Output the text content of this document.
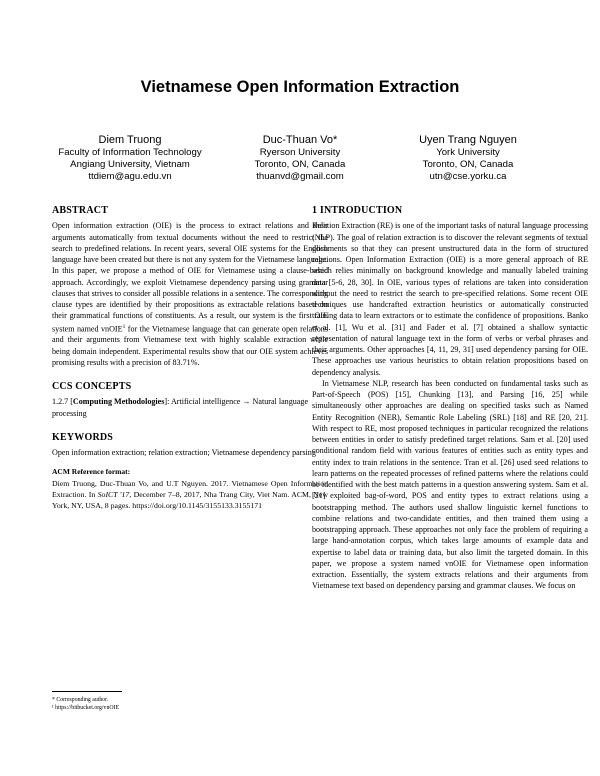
Vietnamese Open Information Extraction
Diem Truong
Faculty of Information Technology
Angiang University, Vietnam
ttdiem@agu.edu.vn
Duc-Thuan Vo*
Ryerson University
Toronto, ON, Canada
thuanvd@gmail.com
Uyen Trang Nguyen
York University
Toronto, ON, Canada
utn@cse.yorku.ca
ABSTRACT

Open information extraction (OIE) is the process to extract relations and their arguments automatically from textual documents without the need to restrict the search to predefined relations. In recent years, several OIE systems for the English language have been created but there is not any system for the Vietnamese language. In this paper, we propose a method of OIE for Vietnamese using a clause-based approach. Accordingly, we exploit Vietnamese dependency parsing using grammar clauses that strives to consider all possible relations in a sentence. The corresponding clause types are identified by their propositions as extractable relations based on their grammatical functions of constituents. As a result, our system is the first OIE system named vnOIE$^1$ for the Vietnamese language that can generate open relations and their arguments from Vietnamese text with highly scalable extraction while being domain independent. Experimental results show that our OIE system achieves promising results with a precision of 83.71%.

CCS CONCEPTS

1.2.7 [Computing Methodologies]: Artificial intelligence → Natural language processing

KEYWORDS

Open information extraction; relation extraction; Vietnamese dependency parsing

ACM Reference format:

Diem Truong, Duc-Thuan Vo, and U.T Nguyen. 2017. Vietnamese Open Information Extraction. In SoICT '17, December 7–8, 2017, Nha Trang City, Viet Nam. ACM, New York, NY, USA, 8 pages. https://doi.org/10.1145/3155133.3155171

* Corresponding author.
¹ https://bitbucket.org/vnOIE
1 INTRODUCTION

Relation Extraction (RE) is one of the important tasks of natural language processing (NLP). The goal of relation extraction is to discover the relevant segments of textual documents so that they can present unstructured data in the form of structured relations. Open Information Extraction (OIE) is a more general approach of RE which relies minimally on background knowledge and manually labeled training data [5-6, 28, 30]. In OIE, various types of relations are taken into consideration without the need to restrict the search to pre-specified relations. Some recent OIE techniques use handcrafted extraction heuristics or automatically constructed training data to learn extractors or to estimate the confidence of propositions. Banko et al. [1], Wu et al. [31] and Fader et al. [7] obtained a shallow syntactic representation of natural language text in the form of verbs or verbal phrases and their arguments. Other approaches [4, 11, 29, 31] used dependency parsing for OIE. These approaches use various heuristics to obtain relation propositions based on dependency analysis.

In Vietnamese NLP, research has been conducted on fundamental tasks such as Part-of-Speech (POS) [15], Chunking [13], and Parsing [16, 25] while simultaneously other approaches are dealing on specified tasks such as Named Entity Recognition (NER), Semantic Role Labeling (SRL) [18] and RE [20, 21]. With respect to RE, most proposed techniques in particular recognized the relations between entities in order to satisfy predefined target relations. Sam et al. [20] used conditional random field with various features of entities such as entity types and entity index to train relations in the sentence. Tran et al. [26] used seed relations to learn patterns on the repeated processes of refined patterns where the relations could be identified with the best match patterns in a question answering system. Sam et al. [21] exploited bag-of-word, POS and entity types to extract relations using a bootstrapping method. The authors used shallow linguistic kernel functions to combine relations and two-candidate entities, and then trained them using a bootstrapping approach. These approaches not only face the problem of requiring a large hand-annotation corpus, which takes large amounts of example data and expertise to label data or training data, but also limit the targeted domain. In this paper, we propose a system named vnOIE for Vietnamese open information extraction. Essentially, the system extracts relations and their arguments from Vietnamese text based on dependency parsing and grammar clauses. We focus on
